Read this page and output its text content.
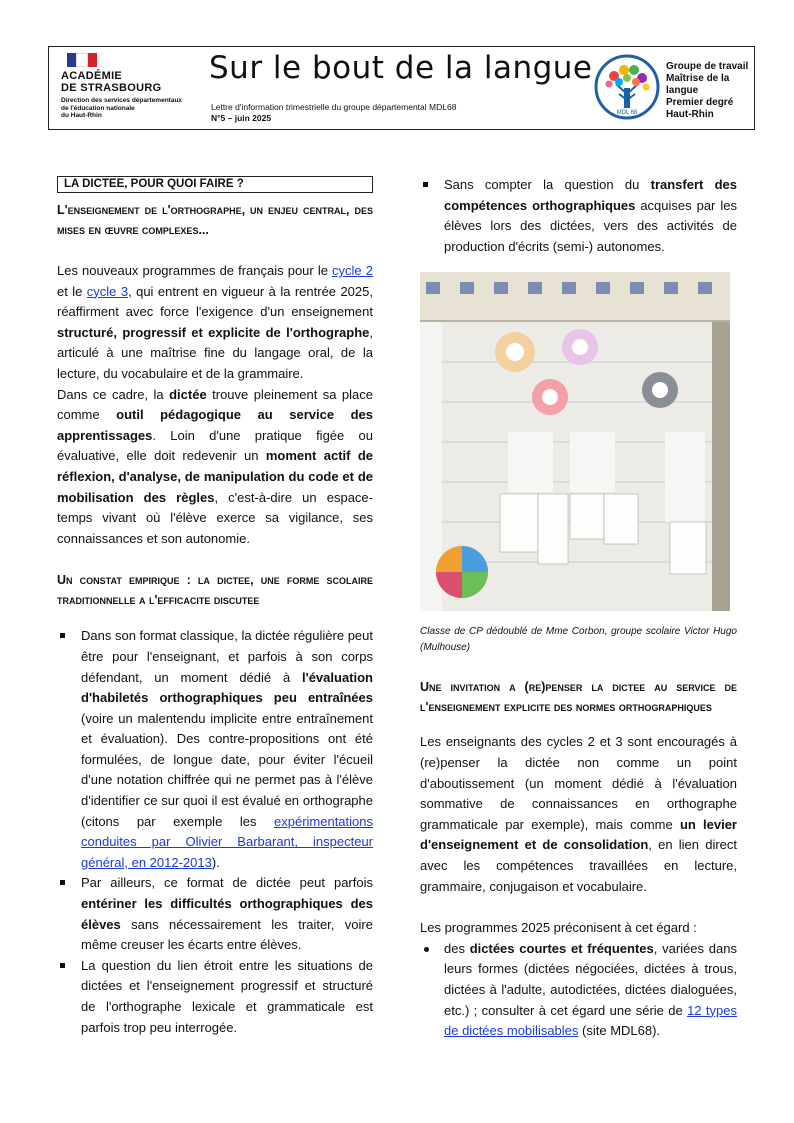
ACADÉMIE
DE STRASBOURG
Direction des services départementaux
de l'éducation nationale
du Haut-Rhin
Sur le bout de la langue
Lettre d'information trimestrielle du groupe départemental MDL68
N°5 – juin 2025	MDL 68
Groupe de travail
Maîtrise de la langue
Premier degré
Haut-Rhin
LA DICTEE, POUR QUOI FAIRE ?
L'enseignement de l'orthographe, un enjeu central, des mises en œuvre complexes...

Les nouveaux programmes de français pour le cycle 2 et le cycle 3, qui entrent en vigueur à la rentrée 2025, réaffirment avec force l'exigence d'un enseignement structuré, progressif et explicite de l'orthographe, articulé à une maîtrise fine du langage oral, de la lecture, du vocabulaire et de la grammaire.

Dans ce cadre, la dictée trouve pleinement sa place comme outil pédagogique au service des apprentissages. Loin d'une pratique figée ou évaluative, elle doit redevenir un moment actif de réflexion, d'analyse, de manipulation du code et de mobilisation des règles, c'est-à-dire un espace-temps vivant où l'élève exerce sa vigilance, ses connaissances et son autonomie.

Un constat empirique : la dictee, une forme scolaire traditionnelle a l'efficacite discutee
Dans son format classique, la dictée régulière peut être pour l'enseignant, et parfois à son corps défendant, un moment dédié à l'évaluation d'habiletés orthographiques peu entraînées (voire un malentendu implicite entre entraînement et évaluation). Des contre-propositions ont été formulées, de longue date, pour éviter l'écueil d'une notation chiffrée qui ne permet pas à l'élève d'identifier ce sur quoi il est évalué en orthographe (citons par exemple les expérimentations conduites par Olivier Barbarant, inspecteur général, en 2012-2013).
Par ailleurs, ce format de dictée peut parfois entériner les difficultés orthographiques des élèves sans nécessairement les traiter, voire même creuser les écarts entre élèves.
La question du lien étroit entre les situations de dictées et l'enseignement progressif et structuré de l'orthographe lexicale et grammaticale est parfois trop peu interrogée.
Sans compter la question du transfert des compétences orthographiques acquises par les élèves lors des dictées, vers des activités de production d'écrits (semi-) autonomes.
Classe de CP dédoublé de Mme Corbon, groupe scolaire Victor Hugo (Mulhouse)
Une invitation a (re)penser la dictee au service de l'enseignement explicite des normes orthographiques

Les enseignants des cycles 2 et 3 sont encouragés à (re)penser la dictée non comme un point d'aboutissement (un moment dédié à l'évaluation sommative de connaissances en orthographe grammaticale par exemple), mais comme un levier d'enseignement et de consolidation, en lien direct avec les compétences travaillées en lecture, grammaire, conjugaison et vocabulaire.

Les programmes 2025 préconisent à cet égard :

des dictées courtes et fréquentes, variées dans leurs formes (dictées négociées, dictées à trous, dictées à l'adulte, autodictées, dictées dialoguées, etc.) ; consulter à cet égard une série de 12 types de dictées mobilisables (site MDL68).
